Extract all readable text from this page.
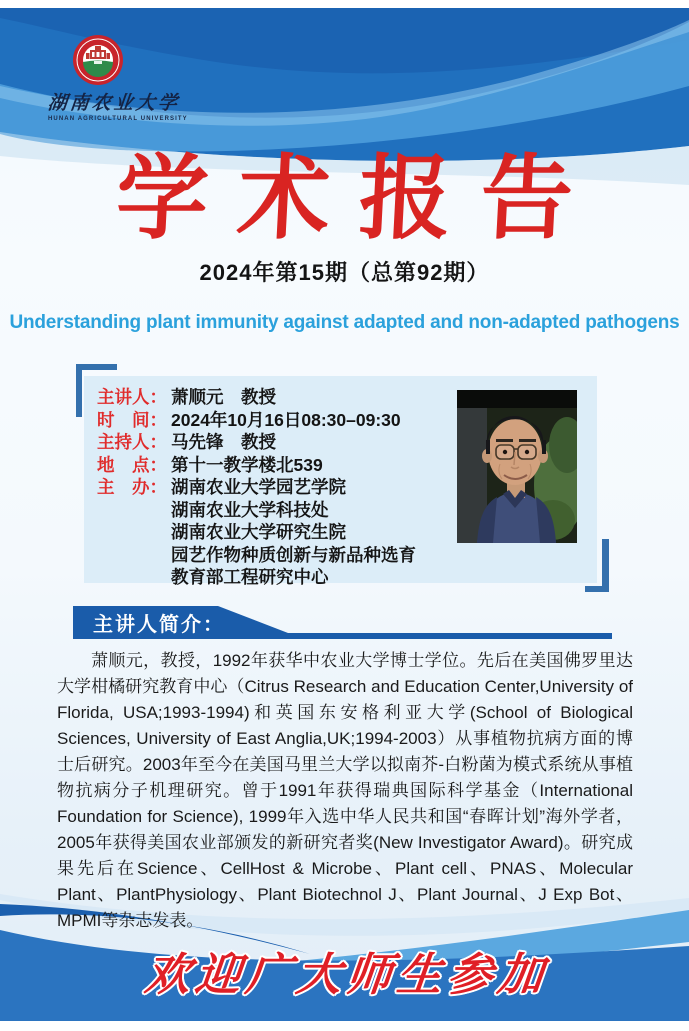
湖南农业大学
HUNAN AGRICULTURAL UNIVERSITY
学术报告
2024年第15期（总第92期）
Understanding plant immunity against adapted and non-adapted pathogens
主讲人： 萧顺元　教授
时　间： 2024年10月16日08:30–09:30
主持人： 马先锋　教授
地　点： 第十一教学楼北539
主　办： 湖南农业大学园艺学院
湖南农业大学科技处
湖南农业大学研究生院
园艺作物种质创新与新品种选育
教育部工程研究中心
主讲人简介：
萧顺元，教授，1992年获华中农业大学博士学位。先后在美国佛罗里达大学柑橘研究教育中心（Citrus Research and Education Center,University of Florida, USA;1993-1994)和英国东安格利亚大学(School of Biological Sciences, University of East Anglia,UK;1994-2003）从事植物抗病方面的博士后研究。2003年至今在美国马里兰大学以拟南芥-白粉菌为模式系统从事植物抗病分子机理研究。曾于1991年获得瑞典国际科学基金（International Foundation for Science), 1999年入选中华人民共和国“春晖计划”海外学者，2005年获得美国农业部颁发的新研究者奖(New Investigator Award)。研究成果先后在Science、CellHost & Microbe、Plant cell、PNAS、Molecular Plant、PlantPhysiology、Plant Biotechnol J、Plant Journal、J Exp Bot、MPMI等杂志发表。
欢迎广大师生参加
